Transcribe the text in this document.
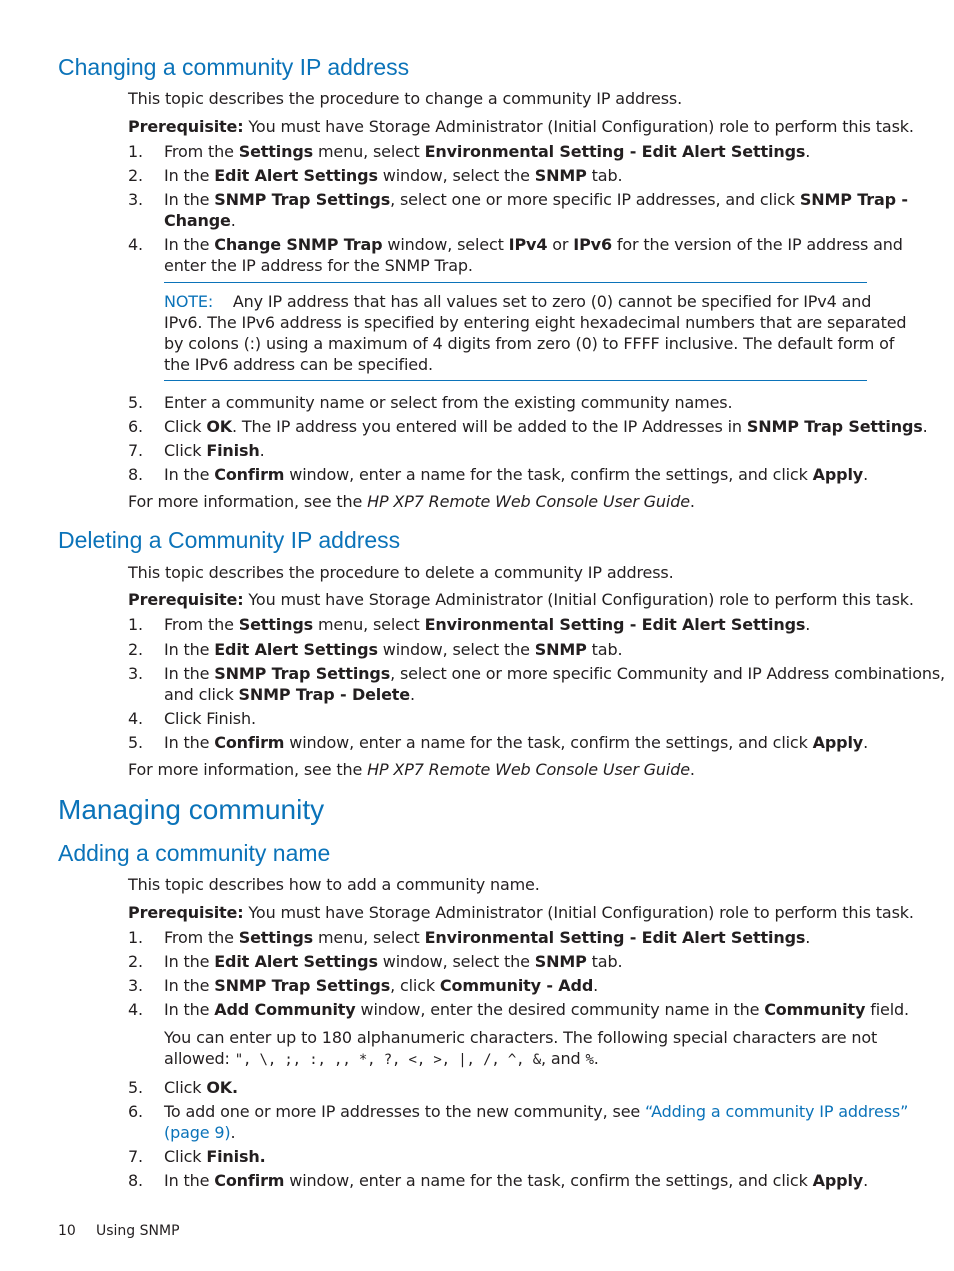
Changing a community IP address

This topic describes the procedure to change a community IP address.

Prerequisite: You must have Storage Administrator (Initial Configuration) role to perform this task.

1.	From the Settings menu, select Environmental Setting - Edit Alert Settings.
2.	In the Edit Alert Settings window, select the SNMP tab.
3.	In the SNMP Trap Settings, select one or more specific IP addresses, and click SNMP Trap -
Change.
4.	In the Change SNMP Trap window, select IPv4 or IPv6 for the version of the IP address and
enter the IP address for the SNMP Trap.
NOTE: Any IP address that has all values set to zero (0) cannot be specified for IPv4 and
IPv6. The IPv6 address is specified by entering eight hexadecimal numbers that are separated
by colons (:) using a maximum of 4 digits from zero (0) to FFFF inclusive. The default form of
the IPv6 address can be specified.
5.	Enter a community name or select from the existing community names.
6.	Click OK. The IP address you entered will be added to the IP Addresses in SNMP Trap Settings.
7.	Click Finish.
8.	In the Confirm window, enter a name for the task, confirm the settings, and click Apply.

For more information, see the HP XP7 Remote Web Console User Guide.

Deleting a Community IP address

This topic describes the procedure to delete a community IP address.

Prerequisite: You must have Storage Administrator (Initial Configuration) role to perform this task.

1.	From the Settings menu, select Environmental Setting - Edit Alert Settings.
2.	In the Edit Alert Settings window, select the SNMP tab.
3.	In the SNMP Trap Settings, select one or more specific Community and IP Address combinations,
and click SNMP Trap - Delete.
4.	Click Finish.
5.	In the Confirm window, enter a name for the task, confirm the settings, and click Apply.

For more information, see the HP XP7 Remote Web Console User Guide.

Managing community
Adding a community name

This topic describes how to add a community name.

Prerequisite: You must have Storage Administrator (Initial Configuration) role to perform this task.

1.	From the Settings menu, select Environmental Setting - Edit Alert Settings.
2.	In the Edit Alert Settings window, select the SNMP tab.
3.	In the SNMP Trap Settings, click Community - Add.
4.	In the Add Community window, enter the desired community name in the Community field.
You can enter up to 180 alphanumeric characters. The following special characters are not
allowed: ", \, ;, :, ,, *, ?, <, >, |, /, ^, &, and %.
5.	Click OK.
6.	To add one or more IP addresses to the new community, see “Adding a community IP address”
(page 9).
7.	Click Finish.
8.	In the Confirm window, enter a name for the task, confirm the settings, and click Apply.
10 Using SNMP
